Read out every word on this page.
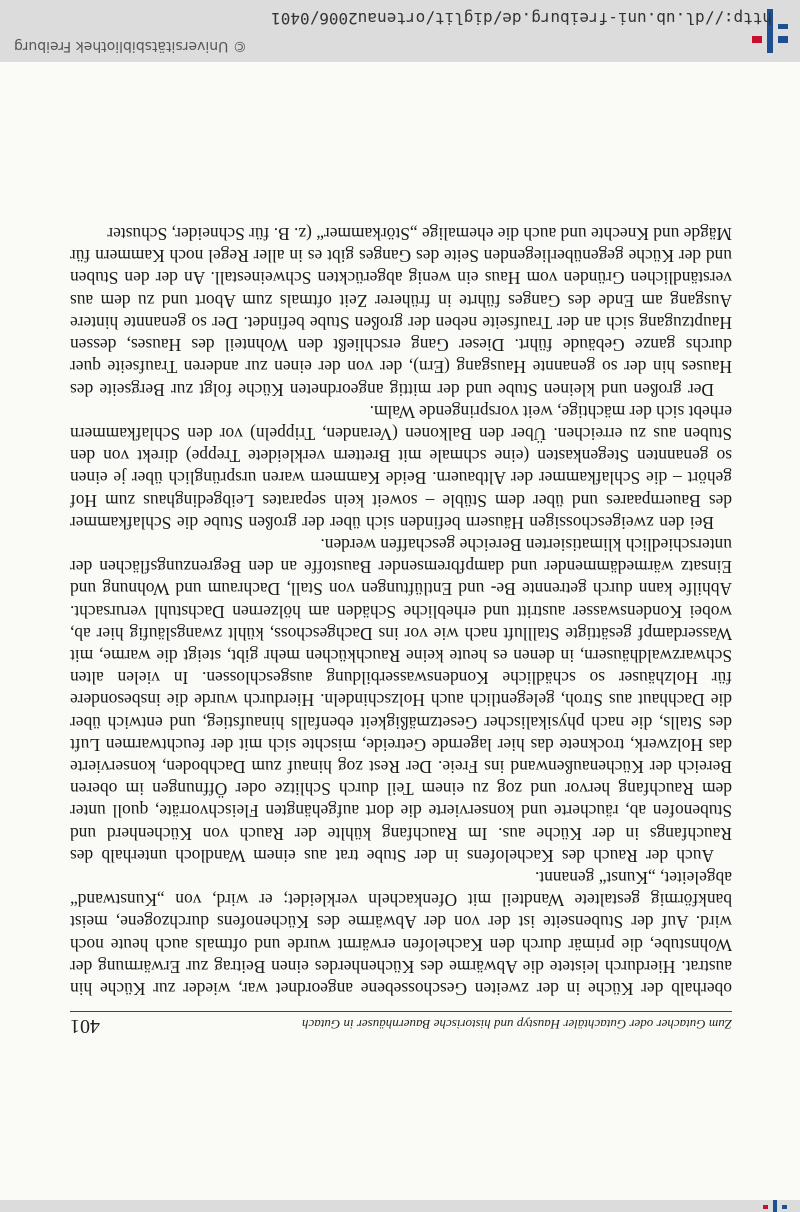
Zum Gutacher oder Gutachtäler Haustyp und historische Bauernhäuser in Gutach
401

oberhalb der Küche in der zweiten Geschossebene angeordnet war, wieder zur Küche hin austrat. Hierdurch leistete die Abwärme des Küchenherdes einen Beitrag zur Erwärmung der Wohnstube, die primär durch den Kachelofen erwärmt wurde und oftmals auch heute noch wird. Auf der Stubenseite ist der von der Abwärme des Küchenofens durchzogene, meist bankförmig gestaltete Wandteil mit Ofenkacheln verkleidet; er wird, von „Kunstwand“ abgeleitet, „Kunst“ genannt.

Auch der Rauch des Kachelofens in der Stube trat aus einem Wandloch unterhalb des Rauchfangs in der Küche aus. Im Rauchfang kühlte der Rauch von Küchenherd und Stubenofen ab, räucherte und konservierte die dort aufgehängten Fleischvorräte, quoll unter dem Rauchfang hervor und zog zu einem Teil durch Schlitze oder Öffnungen im oberen Bereich der Küchenaußenwand ins Freie. Der Rest zog hinauf zum Dachboden, konservierte das Holzwerk, trocknete das hier lagernde Getreide, mischte sich mit der feuchtwarmen Luft des Stalls, die nach physikalischer Gesetzmäßigkeit ebenfalls hinaufstieg, und entwich über die Dachhaut aus Stroh, gelegentlich auch Holzschindeln. Hierdurch wurde die insbesondere für Holzhäuser so schädliche Kondenswasserbildung ausgeschlossen. In vielen alten Schwarzwaldhäusern, in denen es heute keine Rauchküchen mehr gibt, steigt die warme, mit Wasserdampf gesättigte Stallluft nach wie vor ins Dachgeschoss, kühlt zwangsläufig hier ab, wobei Kondenswasser austritt und erhebliche Schäden am hölzernen Dachstuhl verursacht. Abhilfe kann durch getrennte Be- und Entlüftungen von Stall, Dachraum und Wohnung und Einsatz wärmedämmender und dampfbremsender Baustoffe an den Begrenzungsflächen der unterschiedlich klimatisierten Bereiche geschaffen werden.

Bei den zweigeschossigen Häusern befinden sich über der großen Stube die Schlafkammer des Bauernpaares und über dem Stüble – soweit kein separates Leibgedinghaus zum Hof gehört – die Schlafkammer der Altbauern. Beide Kammern waren ursprünglich über je einen so genannten Stegenkasten (eine schmale mit Brettern verkleidete Treppe) direkt von den Stuben aus zu erreichen. Über den Balkonen (Veranden, Trippeln) vor den Schlafkammern erhebt sich der mächtige, weit vorspringende Walm.

Der großen und kleinen Stube und der mittig angeordneten Küche folgt zur Bergseite des Hauses hin der so genannte Hausgang (Ern), der von der einen zur anderen Traufseite quer durchs ganze Gebäude führt. Dieser Gang erschließt den Wohnteil des Hauses, dessen Hauptzugang sich an der Traufseite neben der großen Stube befindet. Der so genannte hintere Ausgang am Ende des Ganges führte in früherer Zeit oftmals zum Abort und zu dem aus verständlichen Gründen vom Haus ein wenig abgerückten Schweinestall. An der den Stuben und der Küche gegenüberliegenden Seite des Ganges gibt es in aller Regel noch Kammern für Mägde und Knechte und auch die ehemalige „Störkammer“ (z. B. für Schneider, Schuster

http://dl.ub.uni-freiburg.de/diglit/ortenau2006/0401
© Universitätsbibliothek Freiburg
